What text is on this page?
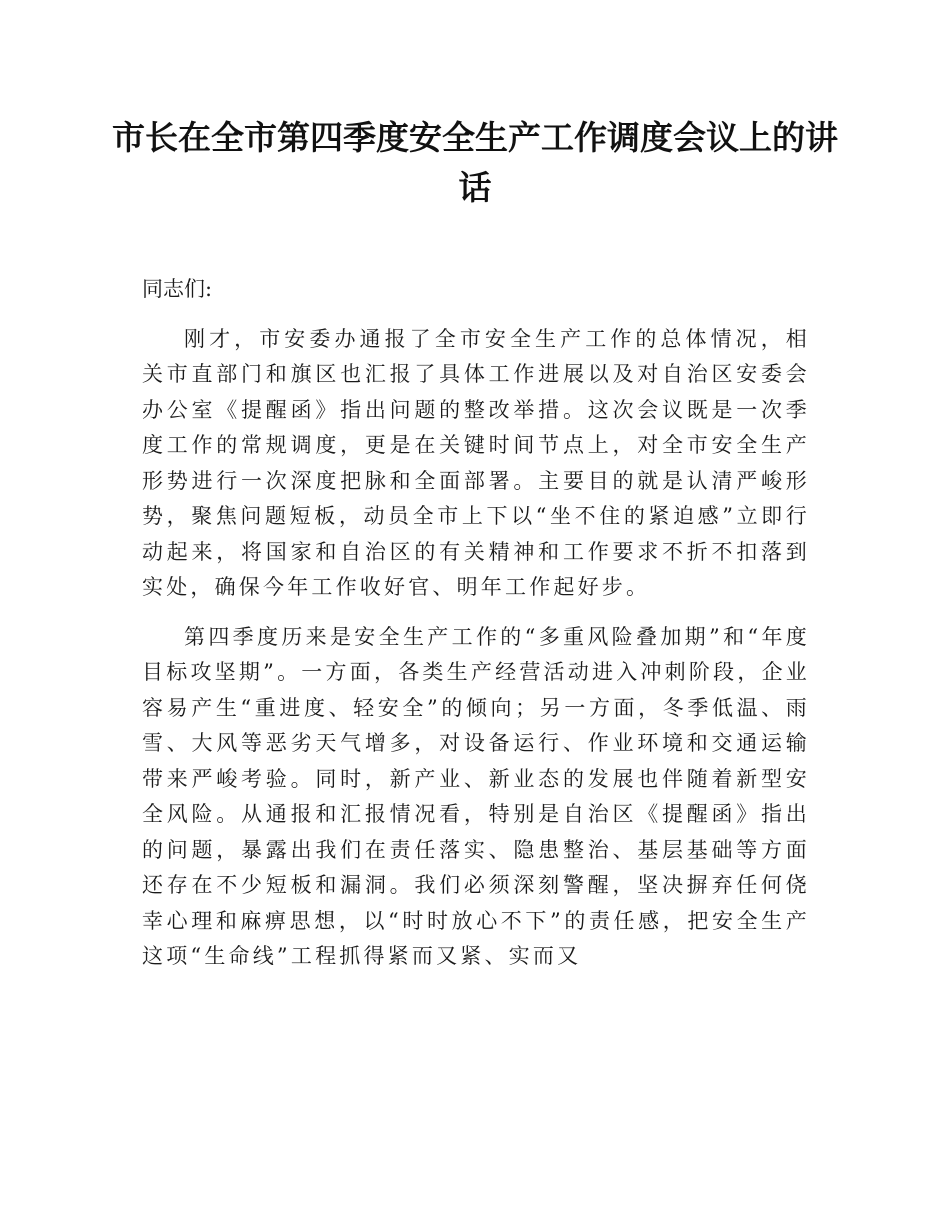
市长在全市第四季度安全生产工作调度会议上的讲话

同志们:

刚才，市安委办通报了全市安全生产工作的总体情况，相关市直部门和旗区也汇报了具体工作进展以及对自治区安委会办公室《提醒函》指出问题的整改举措。这次会议既是一次季度工作的常规调度，更是在关键时间节点上，对全市安全生产形势进行一次深度把脉和全面部署。主要目的就是认清严峻形势，聚焦问题短板，动员全市上下以“坐不住的紧迫感”立即行动起来，将国家和自治区的有关精神和工作要求不折不扣落到实处，确保今年工作收好官、明年工作起好步。

第四季度历来是安全生产工作的“多重风险叠加期”和“年度目标攻坚期”。一方面，各类生产经营活动进入冲刺阶段，企业容易产生“重进度、轻安全”的倾向；另一方面，冬季低温、雨雪、大风等恶劣天气增多，对设备运行、作业环境和交通运输带来严峻考验。同时，新产业、新业态的发展也伴随着新型安全风险。从通报和汇报情况看，特别是自治区《提醒函》指出的问题，暴露出我们在责任落实、隐患整治、基层基础等方面还存在不少短板和漏洞。我们必须深刻警醒，坚决摒弃任何侥幸心理和麻痹思想，以“时时放心不下”的责任感，把安全生产这项“生命线”工程抓得紧而又紧、实而又
